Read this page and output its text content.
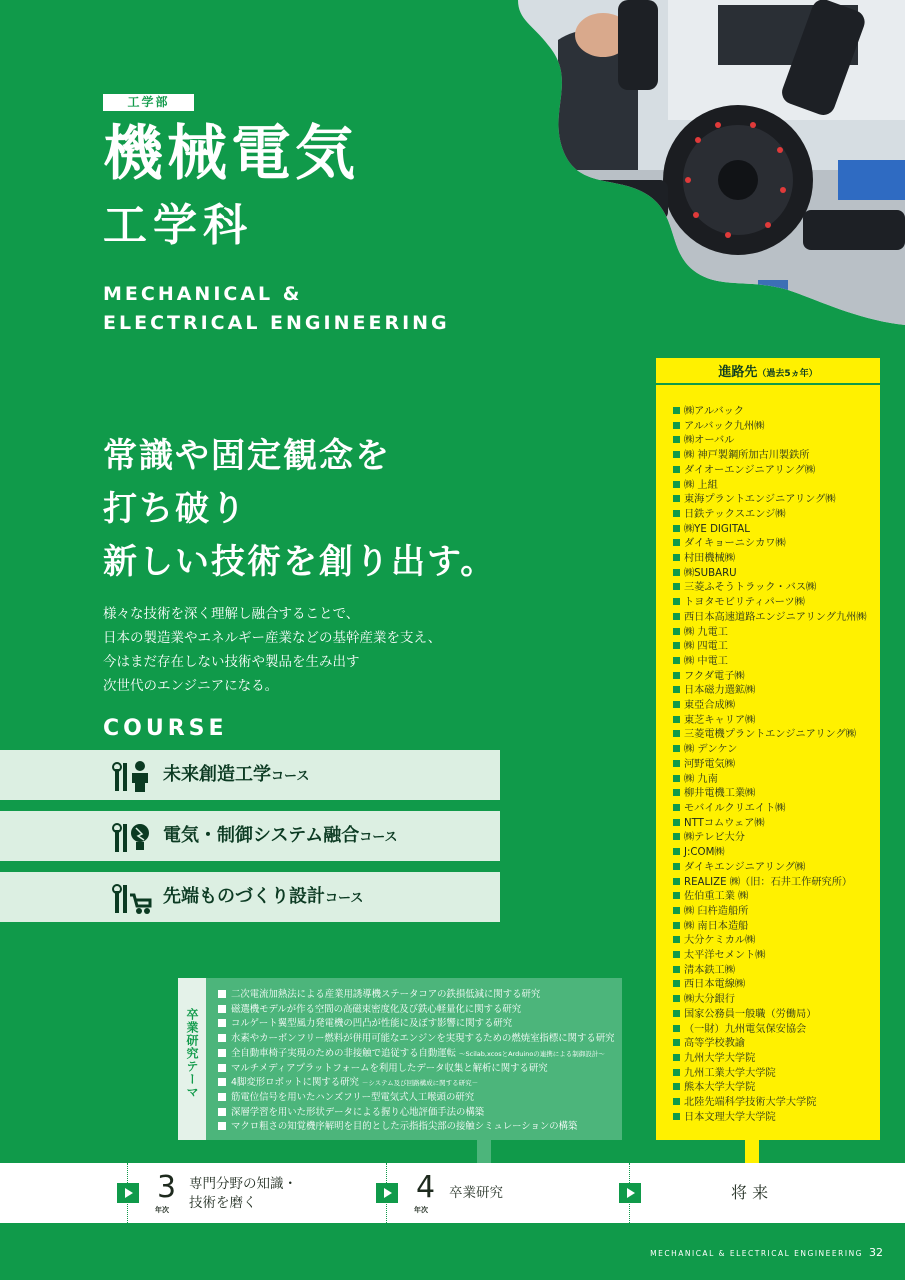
工学部
機械電気
工学科
MECHANICAL &
ELECTRICAL ENGINEERING
常識や固定観念を
打ち破り
新しい技術を創り出す。
様々な技術を深く理解し融合することで、
日本の製造業やエネルギー産業などの基幹産業を支え、
今はまだ存在しない技術や製品を生み出す
次世代のエンジニアになる。
COURSE
未来創造工学コース
電気・制御システム融合コース
先端ものづくり設計コース
進路先（過去5ヵ年）
㈱アルバック
アルバック九州㈱
㈱オーバル
㈱ 神戸製鋼所加古川製鉄所
ダイオーエンジニアリング㈱
㈱ 上組
東海プラントエンジニアリング㈱
日鉄テックスエンジ㈱
㈱YE DIGITAL
ダイキョーニシカワ㈱
村田機械㈱
㈱SUBARU
三菱ふそうトラック・バス㈱
トヨタモビリティパーツ㈱
西日本高速道路エンジニアリング九州㈱
㈱ 九電工
㈱ 四電工
㈱ 中電工
フクダ電子㈱
日本磁力選鉱㈱
東亞合成㈱
東芝キャリア㈱
三菱電機プラントエンジニアリング㈱
㈱ デンケン
河野電気㈱
㈱ 九南
柳井電機工業㈱
モバイルクリエイト㈱
NTTコムウェア㈱
㈱テレビ大分
J:COM㈱
ダイキエンジニアリング㈱
REALIZE ㈱（旧：石井工作研究所）
佐伯重工業 ㈱
㈱ 臼杵造船所
㈱ 南日本造船
大分ケミカル㈱
太平洋セメント㈱
清本鉄工㈱
西日本電線㈱
㈱大分銀行
国家公務員一般職（労働局）
（一財）九州電気保安協会
高等学校教諭
九州大学大学院
九州工業大学大学院
熊本大学大学院
北陸先端科学技術大学大学院
日本文理大学大学院
卒業研究テーマ
二次電流加熱法による産業用誘導機ステータコアの鉄損低減に関する研究
磁選機モデルが作る空間の高磁束密度化及び鉄心軽量化に関する研究
コルゲート翼型風力発電機の凹凸が性能に及ぼす影響に関する研究
水素やカーボンフリー燃料が併用可能なエンジンを実現するための燃焼室指標に関する研究
全自動車椅子実現のための非接触で追従する自動運転 ～Scilab,xcosとArduinoの連携による制御設計～
マルチメディアプラットフォームを利用したデータ収集と解析に関する研究
4脚変形ロボットに関する研究 －システム及び回路構成に関する研究－
筋電位信号を用いたハンズフリー型電気式人工喉頭の研究
深層学習を用いた形状データによる握り心地評価手法の構築
マクロ粗さの知覚機序解明を目的とした示指指尖部の接触シミュレーションの構築
3
年次
専門分野の知識・
技術を磨く	4
年次
卒業研究	将 来
MECHANICAL & ELECTRICAL ENGINEERING 32
